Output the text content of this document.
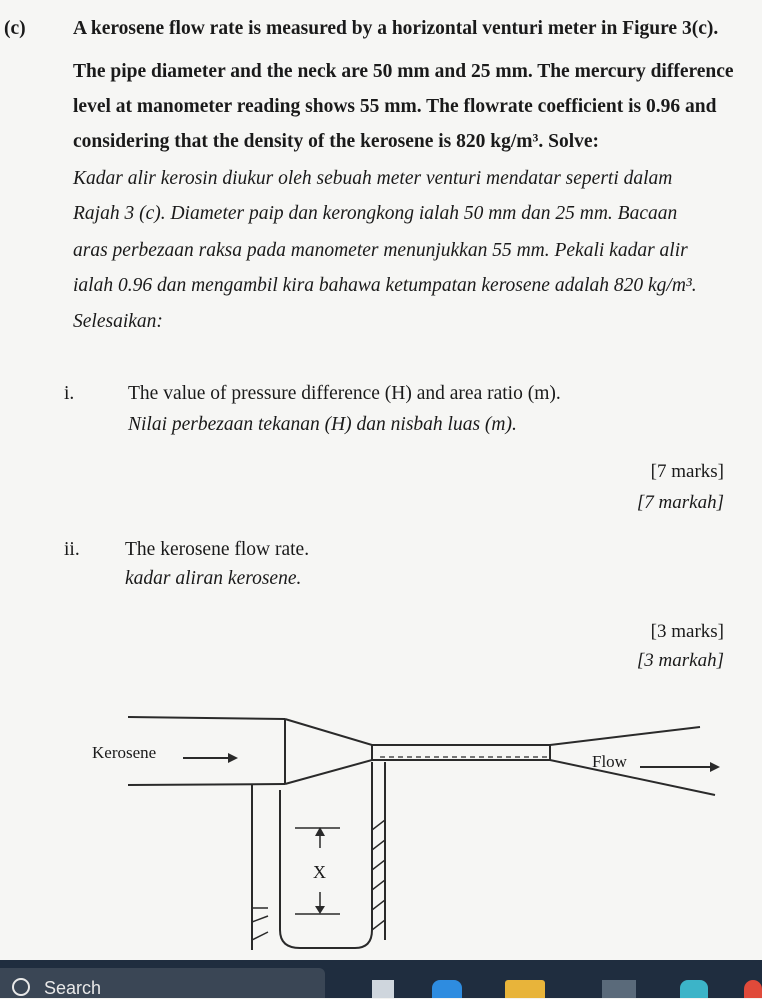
(c) A kerosene flow rate is measured by a horizontal venturi meter in Figure 3(c).
The pipe diameter and the neck are 50 mm and 25 mm. The mercury difference
level at manometer reading shows 55 mm. The flowrate coefficient is 0.96 and
considering that the density of the kerosene is 820 kg/m³. Solve:
Kadar alir kerosin diukur oleh sebuah meter venturi mendatar seperti dalam
Rajah 3 (c). Diameter paip dan kerongkong ialah 50 mm dan 25 mm. Bacaan
aras perbezaan raksa pada manometer menunjukkan 55 mm. Pekali kadar alir
ialah 0.96 dan mengambil kira bahawa ketumpatan kerosene adalah 820 kg/m³.
Selesaikan:
i.	The value of pressure difference (H) and area ratio (m).
Nilai perbezaan tekanan (H) dan nisbah luas (m).
[7 marks]
[7 markah]
ii. The kerosene flow rate.
kadar aliran kerosene.
[3 marks]
[3 markah]
Kerosene	Flow
X
Search
